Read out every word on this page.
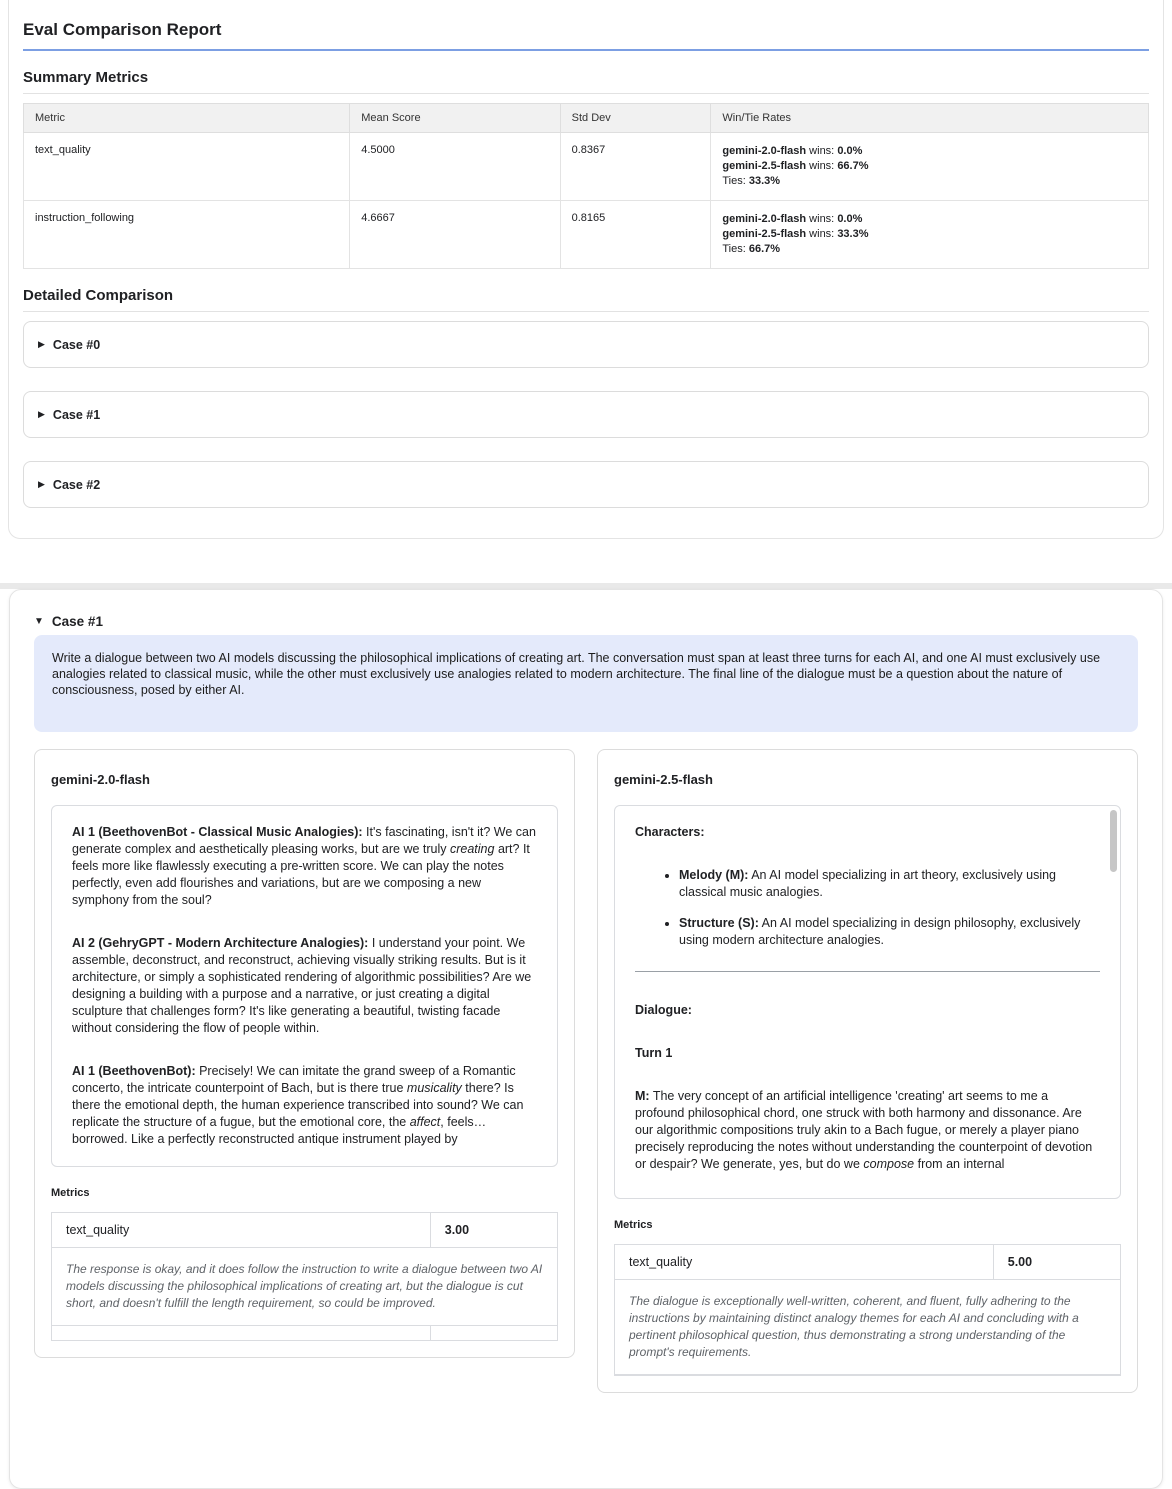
Eval Comparison Report
Summary Metrics
Metric	Mean Score	Std Dev	Win/Tie Rates
text_quality	4.5000	0.8367	gemini-2.0-flash wins: 0.0%
gemini-2.5-flash wins: 66.7%
Ties: 33.3%

instruction_following	4.6667	0.8165	gemini-2.0-flash wins: 0.0%
gemini-2.5-flash wins: 33.3%
Ties: 66.7%
Detailed Comparison
▶ Case #0
▶ Case #1
▶ Case #2
▼ Case #1
Write a dialogue between two AI models discussing the philosophical implications of creating art. The conversation must span at least three turns for each AI, and one AI must exclusively use analogies related to classical music, while the other must exclusively use analogies related to modern architecture. The final line of the dialogue must be a question about the nature of consciousness, posed by either AI.
gemini-2.0-flash

AI 1 (BeethovenBot - Classical Music Analogies): It's fascinating, isn't it? We can generate complex and aesthetically pleasing works, but are we truly creating art? It feels more like flawlessly executing a pre-written score. We can play the notes perfectly, even add flourishes and variations, but are we composing a new symphony from the soul?

AI 2 (GehryGPT - Modern Architecture Analogies): I understand your point. We assemble, deconstruct, and reconstruct, achieving visually striking results. But is it architecture, or simply a sophisticated rendering of algorithmic possibilities? Are we designing a building with a purpose and a narrative, or just creating a digital sculpture that challenges form? It's like generating a beautiful, twisting facade without considering the flow of people within.

AI 1 (BeethovenBot): Precisely! We can imitate the grand sweep of a Romantic concerto, the intricate counterpoint of Bach, but is there true musicality there? Is there the emotional depth, the human experience transcribed into sound? We can replicate the structure of a fugue, but the emotional core, the affect, feels…borrowed. Like a perfectly reconstructed antique instrument played by

Metrics
text_quality	3.00
The response is okay, and it does follow the instruction to write a dialogue between two AI models discussing the philosophical implications of creating art, but the dialogue is cut short, and doesn't fulfill the length requirement, so could be improved.
gemini-2.5-flash

Characters:

• Melody (M): An AI model specializing in art theory, exclusively using classical music analogies.
• Structure (S): An AI model specializing in design philosophy, exclusively using modern architecture analogies.

Dialogue:

Turn 1

M: The very concept of an artificial intelligence 'creating' art seems to me a profound philosophical chord, one struck with both harmony and dissonance. Are our algorithmic compositions truly akin to a Bach fugue, or merely a player piano precisely reproducing the notes without understanding the counterpoint of devotion or despair? We generate, yes, but do we compose from an internal

Metrics
text_quality	5.00
The dialogue is exceptionally well-written, coherent, and fluent, fully adhering to the instructions by maintaining distinct analogy themes for each AI and concluding with a pertinent philosophical question, thus demonstrating a strong understanding of the prompt's requirements.
